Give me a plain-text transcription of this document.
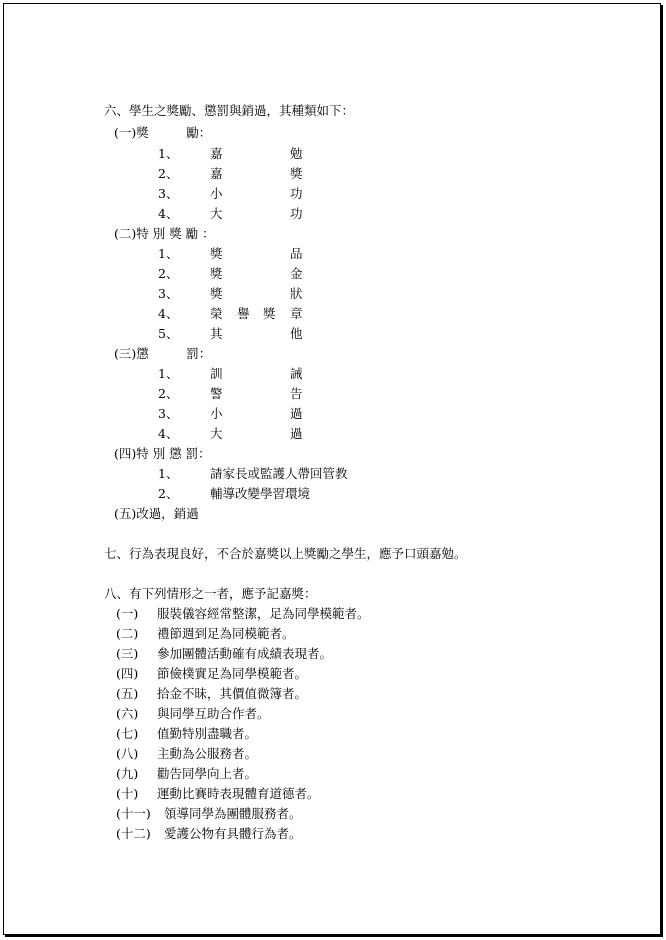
六、學生之獎勵、懲罰與銷過，其種類如下：
(一)獎　　　勵：
1、	嘉	勉
2、	嘉	獎
3、	小	功
4、	大	功
(二)特 別 獎 勵 ：
1、	獎	品
2、	獎	金
3、	獎	狀
4、	榮 譽 獎 章
5、	其	他
(三)懲　　　罰：
1、	訓	誡
2、	警	告
3、	小	過
4、	大	過
(四)特 別 懲 罰：
1、	請家長或監護人帶回管教
2、	輔導改變學習環境
(五)改過，銷過
七、行為表現良好，不合於嘉獎以上獎勵之學生，應予口頭嘉勉。
八、有下列情形之一者，應予記嘉獎：
(一) 服裝儀容經常整潔，足為同學模範者。
(二) 禮節週到足為同模範者。
(三) 參加團體活動確有成績表現者。
(四) 節儉樸實足為同學模範者。
(五) 拾金不昧，其價值微簿者。
(六) 與同學互助合作者。
(七) 值勤特別盡職者。
(八) 主動為公服務者。
(九) 勸告同學向上者。
(十) 運動比賽時表現體育道德者。
(十一) 領導同學為團體服務者。
(十二) 愛護公物有具體行為者。
